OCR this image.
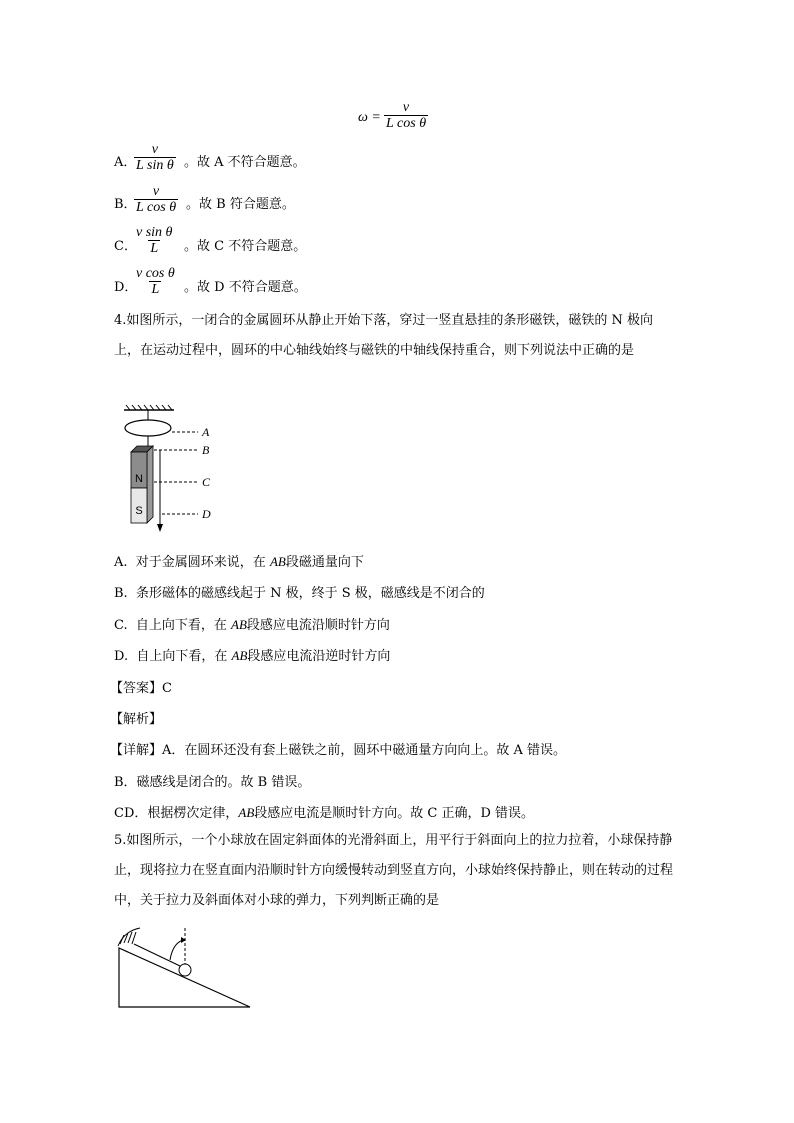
$\omega = \frac{v}{\text{L cos θ}}$
A．
$\frac{v}{\text{L sin θ}}$ 。故 A 不符合题意。
B．
$\frac{v}{\text{L cos θ}}$ 。故 B 符合题意。
C．
$\frac{\text{v sin θ}}{L}$ 。故 C 不符合题意。
D．
$\frac{\text{v cos θ}}{L}$ 。故 D 不符合题意。
4.如图所示，一闭合的金属圆环从静止开始下落，穿过一竖直悬挂的条形磁铁，磁铁的 N 极向上，在运动过程中，圆环的中心轴线始终与磁铁的中轴线保持重合，则下列说法中正确的是
N
S
A
B
C
D
A. 对于金属圆环来说，在 AB段磁通量向下
B. 条形磁体的磁感线起于 N 极，终于 S 极，磁感线是不闭合的
C. 自上向下看，在 AB段感应电流沿顺时针方向
D. 自上向下看，在 AB段感应电流沿逆时针方向
【答案】C
【解析】
【详解】A．在圆环还没有套上磁铁之前，圆环中磁通量方向向上。故 A 错误。
B．磁感线是闭合的。故 B 错误。
CD．根据楞次定律，AB段感应电流是顺时针方向。故 C 正确，D 错误。
5.如图所示，一个小球放在固定斜面体的光滑斜面上，用平行于斜面向上的拉力拉着，小球保持静止，现将拉力在竖直面内沿顺时针方向缓慢转动到竖直方向，小球始终保持静止，则在转动的过程中，关于拉力及斜面体对小球的弹力，下列判断正确的是
